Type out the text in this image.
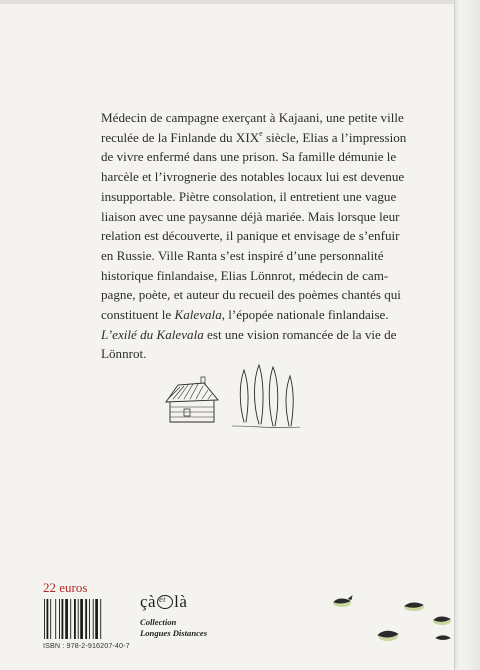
Médecin de campagne exerçant à Kajaani, une petite ville
reculée de la Finlande du XIXe siècle, Elias a l’impression
de vivre enfermé dans une prison. Sa famille démunie le
harcèle et l’ivrognerie des notables locaux lui est devenue
insupportable. Piètre consolation, il entretient une vague
liaison avec une paysanne déjà mariée. Mais lorsque leur
relation est découverte, il panique et envisage de s’enfuir
en Russie. Ville Ranta s’est inspiré d’une personnalité
historique finlandaise, Elias Lönnrot, médecin de cam-
pagne, poète, et auteur du recueil des poèmes chantés qui
constituent le Kalevala, l’épopée nationale finlandaise.
L’exilé du Kalevala est une vision romancée de la vie de
Lönnrot.

22 euros

ISBN : 978-2-916207-40-7

çà et là

Collection
Longues Distances
